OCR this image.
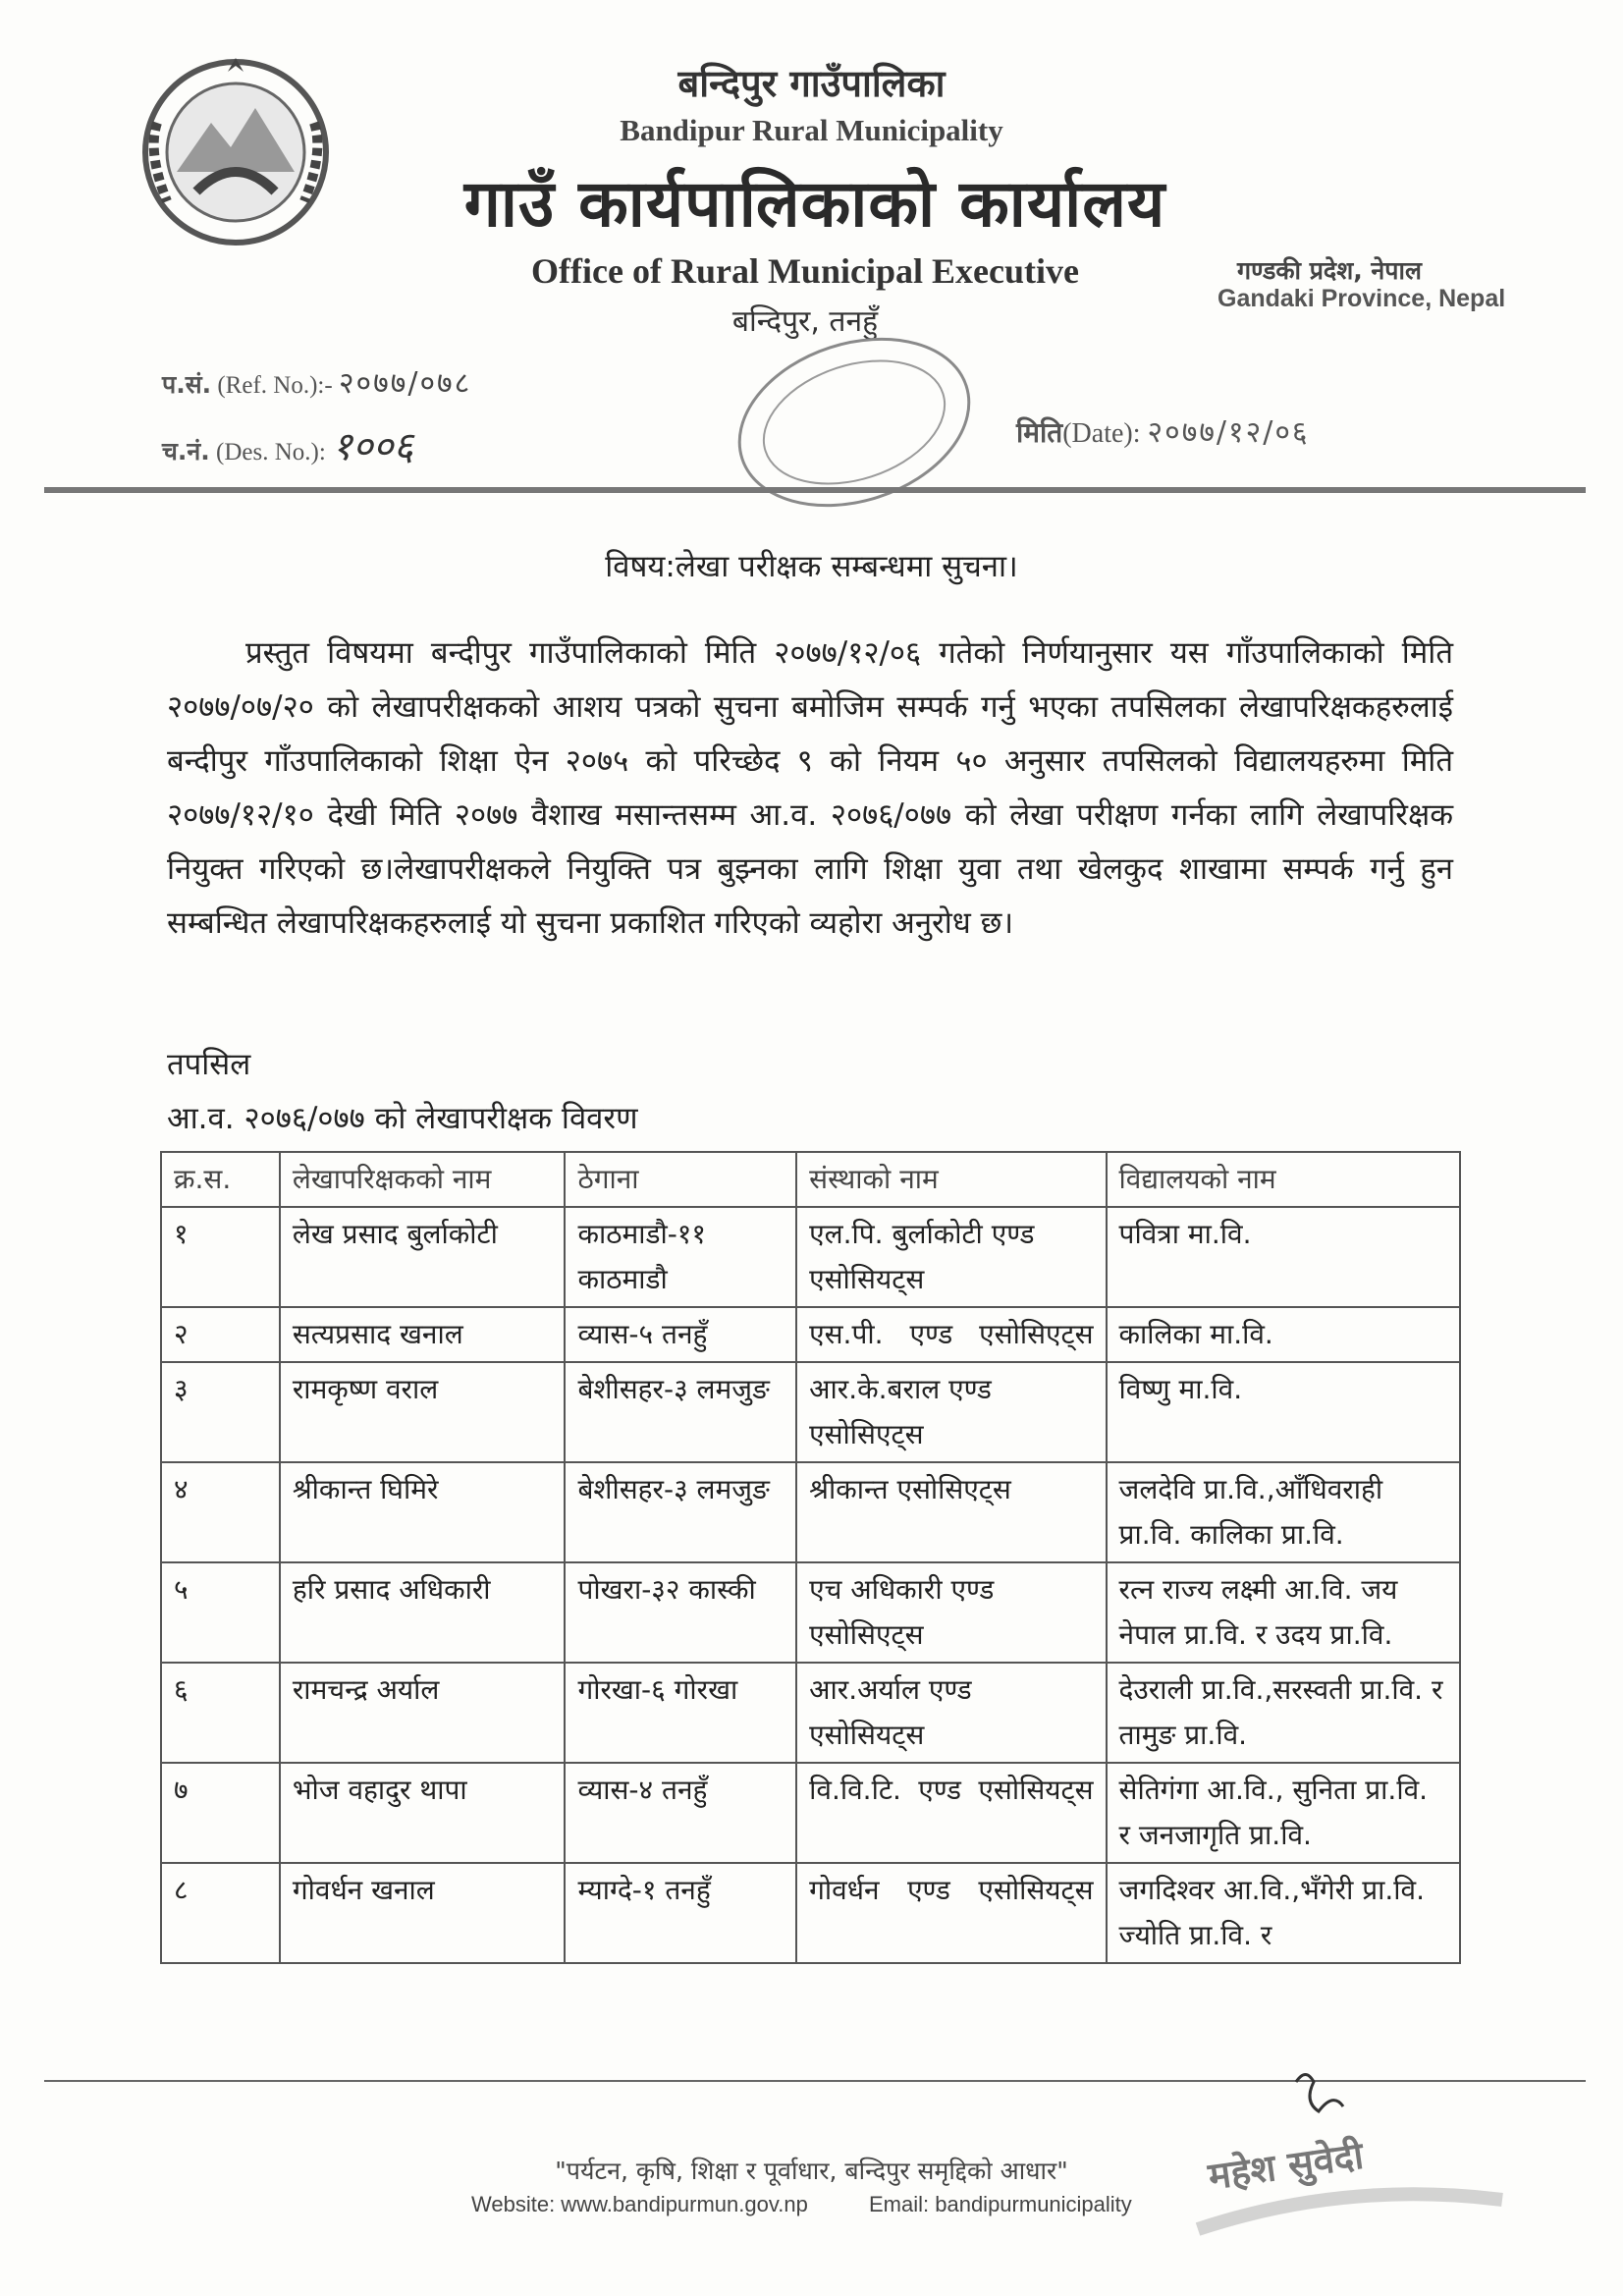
बन्दिपुर गाउँपालिका
Bandipur Rural Municipality
गाउँ कार्यपालिकाको कार्यालय
Office of Rural Municipal Executive
बन्दिपुर, तनहुँ
गण्डकी प्रदेश, नेपाल
Gandaki Province, Nepal
प.सं. (Ref. No.):- २०७७/०७८
च.नं. (Des. No.): १००६	मिति(Date): २०७७/१२/०६
विषय:लेखा परीक्षक सम्बन्धमा सुचना।
प्रस्तुत विषयमा बन्दीपुर गाउँपालिकाको मिति २०७७/१२/०६ गतेको निर्णयानुसार यस गाँउपालिकाको मिति २०७७/०७/२० को लेखापरीक्षकको आशय पत्रको सुचना बमोजिम सम्पर्क गर्नु भएका तपसिलका लेखापरिक्षकहरुलाई बन्दीपुर गाँउपालिकाको शिक्षा ऐन २०७५ को परिच्छेद ९ को नियम ५० अनुसार तपसिलको विद्यालयहरुमा मिति २०७७/१२/१० देखी मिति २०७७ वैशाख मसान्तसम्म आ.व. २०७६/०७७ को लेखा परीक्षण गर्नका लागि लेखापरिक्षक नियुक्त गरिएको छ।लेखापरीक्षकले नियुक्ति पत्र बुझ्नका लागि शिक्षा युवा तथा खेलकुद शाखामा सम्पर्क गर्नु हुन सम्बन्धित लेखापरिक्षकहरुलाई यो सुचना प्रकाशित गरिएको व्यहोरा अनुरोध छ।
तपसिल
आ.व. २०७६/०७७ को लेखापरीक्षक विवरण
क्र.स.	लेखापरिक्षकको नाम	ठेगाना	संस्थाको नाम	विद्यालयको नाम
१	लेख प्रसाद बुर्लाकोटी	काठमाडौ-११ काठमाडौ	एल.पि. बुर्लाकोटी एण्ड एसोसियट्स	पवित्रा मा.वि.
२	सत्यप्रसाद खनाल	व्यास-५ तनहुँ	एस.पी. एण्ड एसोसिएट्स	कालिका मा.वि.
३	रामकृष्ण वराल	बेशीसहर-३ लमजुङ	आर.के.बराल एण्ड एसोसिएट्स	विष्णु मा.वि.
४	श्रीकान्त घिमिरे	बेशीसहर-३ लमजुङ	श्रीकान्त एसोसिएट्स	जलदेवि प्रा.वि.,आँधिवराही प्रा.वि. कालिका प्रा.वि.
५	हरि प्रसाद अधिकारी	पोखरा-३२ कास्की	एच अधिकारी एण्ड एसोसिएट्स	रत्न राज्य लक्ष्मी आ.वि. जय नेपाल प्रा.वि. र उदय प्रा.वि.
६	रामचन्द्र अर्याल	गोरखा-६ गोरखा	आर.अर्याल एण्ड एसोसियट्स	देउराली प्रा.वि.,सरस्वती प्रा.वि. र तामुङ प्रा.वि.
७	भोज वहादुर थापा	व्यास-४ तनहुँ	वि.वि.टि. एण्ड एसोसियट्स	सेतिगंगा आ.वि., सुनिता प्रा.वि. र जनजागृति प्रा.वि.
८	गोवर्धन खनाल	म्याग्दे-१ तनहुँ	गोवर्धन एण्ड एसोसियट्स	जगदिश्वर आ.वि.,भँगेरी प्रा.वि. ज्योति प्रा.वि. र
"पर्यटन, कृषि, शिक्षा र पूर्वाधार, बन्दिपुर समृद्दिको आधार"
Website: www.bandipurmun.gov.np	Email: bandipurmunicipality
महेश सुवेदी
